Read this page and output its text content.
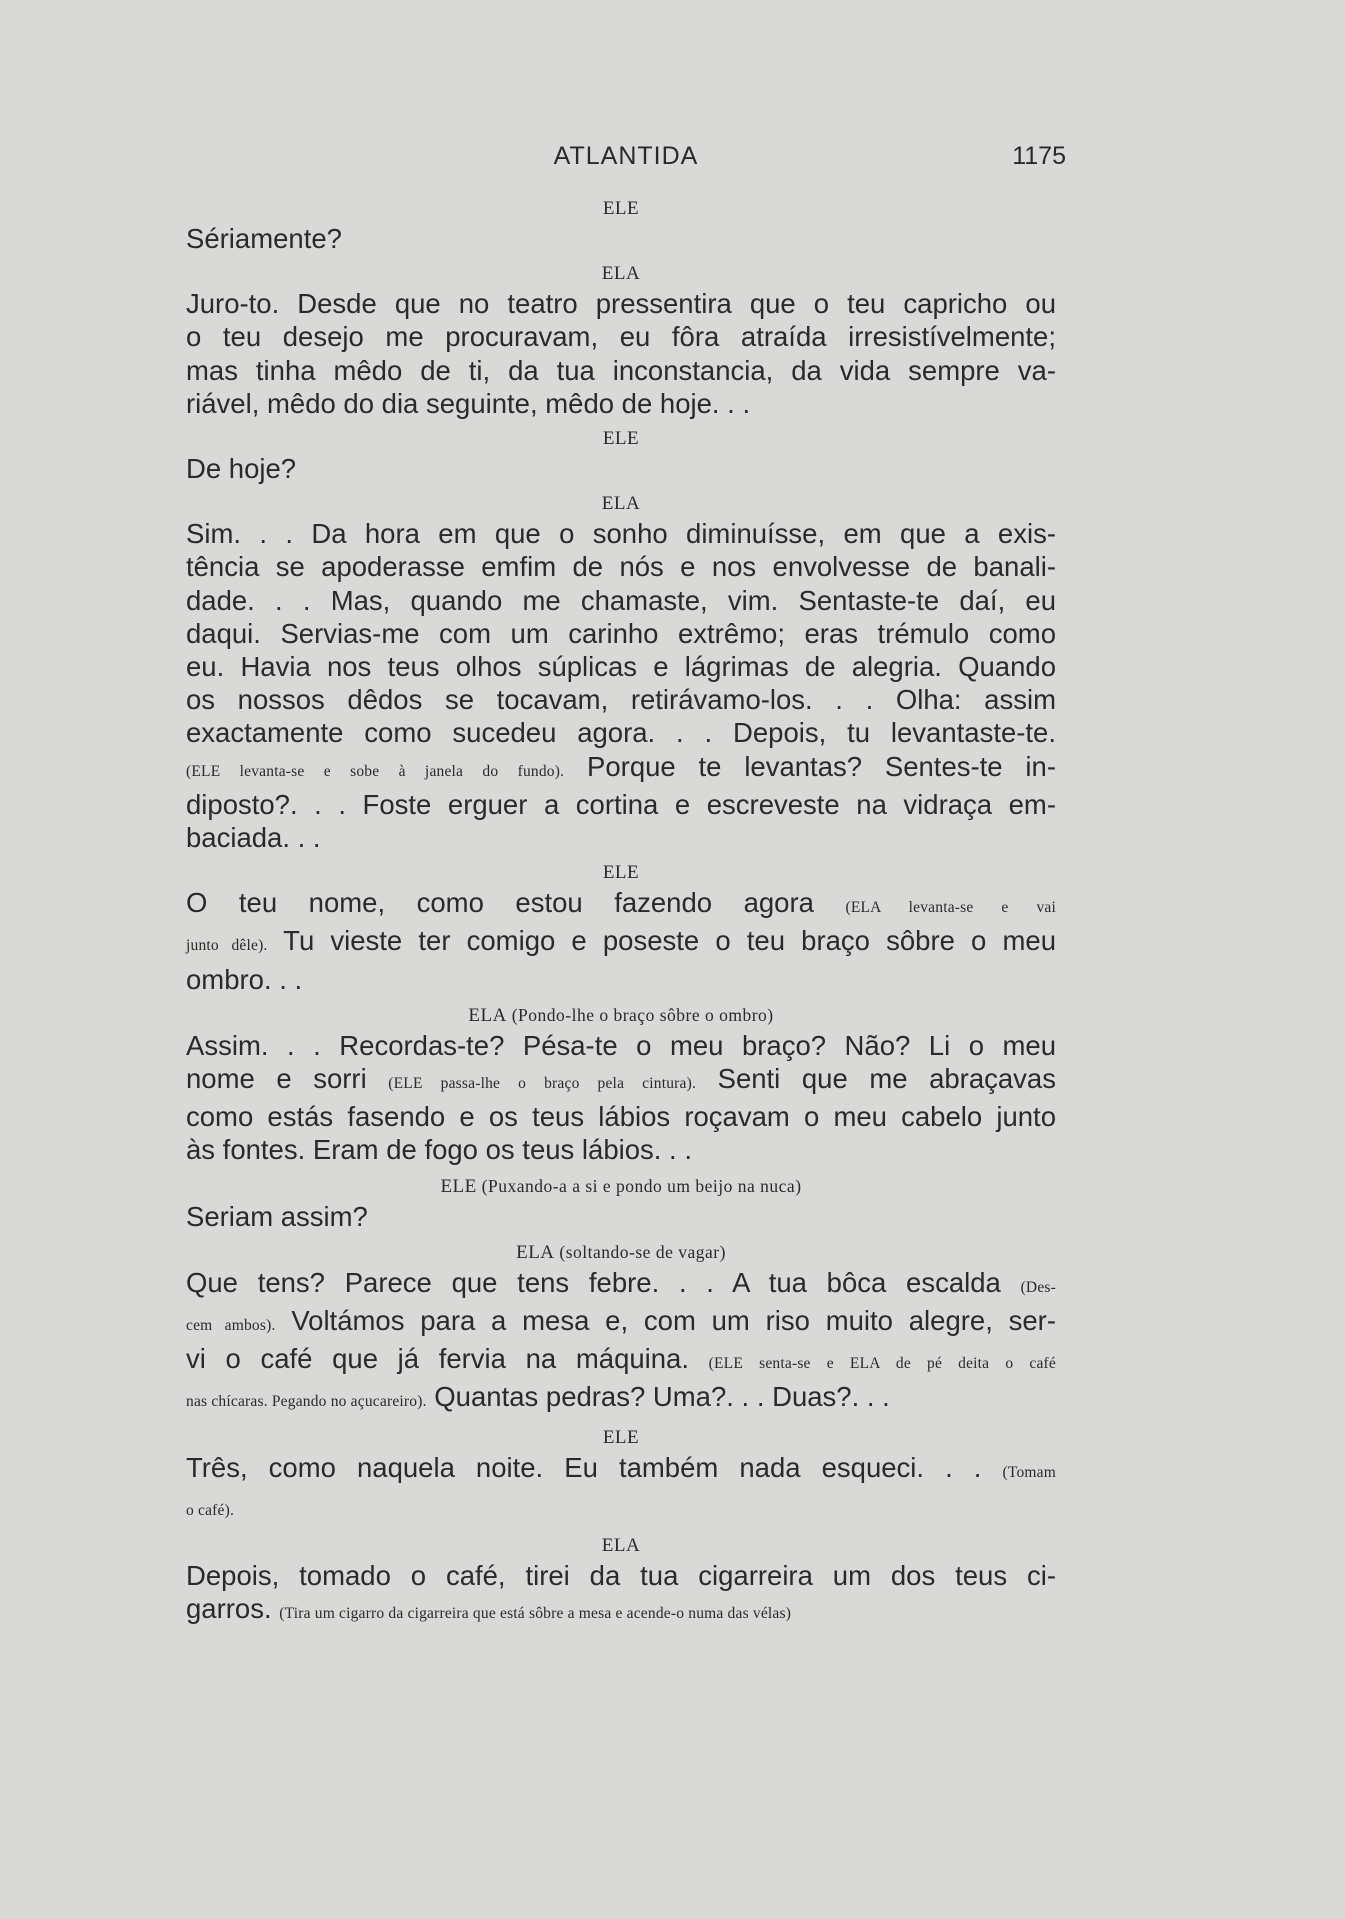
ATLANTIDA	1175
ELE
Sériamente?
ELA
Juro-to. Desde que no teatro pressentira que o teu capricho ou
o teu desejo me procuravam, eu fôra atraída irresistívelmente;
mas tinha mêdo de ti, da tua inconstancia, da vida sempre va-
riável, mêdo do dia seguinte, mêdo de hoje. . .
ELE
De hoje?
ELA
Sim. . . Da hora em que o sonho diminuísse, em que a exis-
tência se apoderasse emfim de nós e nos envolvesse de banali-
dade. . . Mas, quando me chamaste, vim. Sentaste-te daí, eu
daqui. Servias-me com um carinho extrêmo; eras trémulo como
eu. Havia nos teus olhos súplicas e lágrimas de alegria. Quando
os nossos dêdos se tocavam, retirávamo-los. . . Olha: assim
exactamente como sucedeu agora. . . Depois, tu levantaste-te.
(ELE levanta-se e sobe à janela do fundo). Porque te levantas? Sentes-te in-
diposto?. . . Foste erguer a cortina e escreveste na vidraça em-
baciada. . .
ELE
O teu nome, como estou fazendo agora (ELA levanta-se e vai
junto dêle). Tu vieste ter comigo e poseste o teu braço sôbre o meu
ombro. . .
ELA (Pondo-lhe o braço sôbre o ombro)
Assim. . . Recordas-te? Pésa-te o meu braço? Não? Li o meu
nome e sorri (ELE passa-lhe o braço pela cintura). Senti que me abraçavas
como estás fasendo e os teus lábios roçavam o meu cabelo junto
às fontes. Eram de fogo os teus lábios. . .
ELE (Puxando-a a si e pondo um beijo na nuca)
Seriam assim?
ELA (soltando-se de vagar)
Que tens? Parece que tens febre. . . A tua bôca escalda (Des-
cem ambos). Voltámos para a mesa e, com um riso muito alegre, ser-
vi o café que já fervia na máquina. (ELE senta-se e ELA de pé deita o café
nas chícaras. Pegando no açucareiro). Quantas pedras? Uma?. . . Duas?. . .
ELE
Três, como naquela noite. Eu também nada esqueci. . . (Tomam
o café).
ELA
Depois, tomado o café, tirei da tua cigarreira um dos teus ci-
garros. (Tira um cigarro da cigarreira que está sôbre a mesa e acende-o numa das vélas)
